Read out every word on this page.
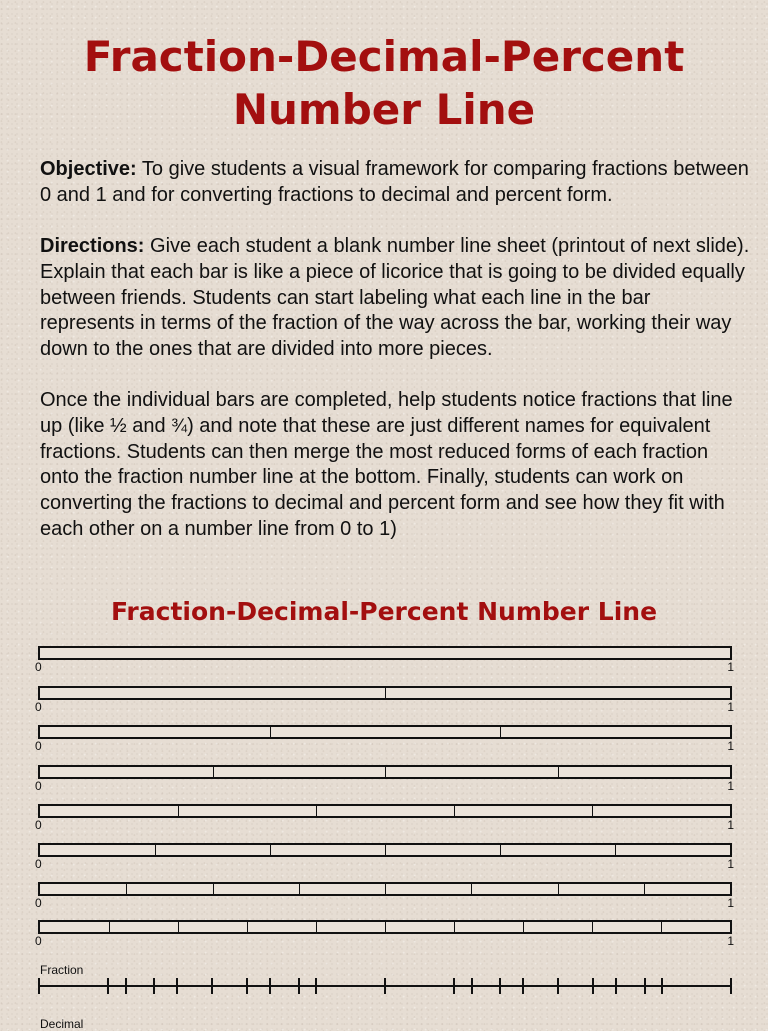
Fraction-Decimal-Percent
Number Line

Objective: To give students a visual framework for comparing fractions between 0 and 1 and for converting fractions to decimal and percent form.

Directions: Give each student a blank number line sheet (printout of next slide). Explain that each bar is like a piece of licorice that is going to be divided equally between friends. Students can start labeling what each line in the bar represents in terms of the fraction of the way across the bar, working their way down to the ones that are divided into more pieces.

Once the individual bars are completed, help students notice fractions that line up (like ½ and ¾) and note that these are just different names for equivalent fractions. Students can then merge the most reduced forms of each fraction onto the fraction number line at the bottom. Finally, students can work on converting the fractions to decimal and percent form and see how they fit with each other on a number line from 0 to 1)

Fraction-Decimal-Percent Number Line
0	1
0	1
0	1
0	1
0	1
0	1
0	1
0	1
Fraction
Decimal
